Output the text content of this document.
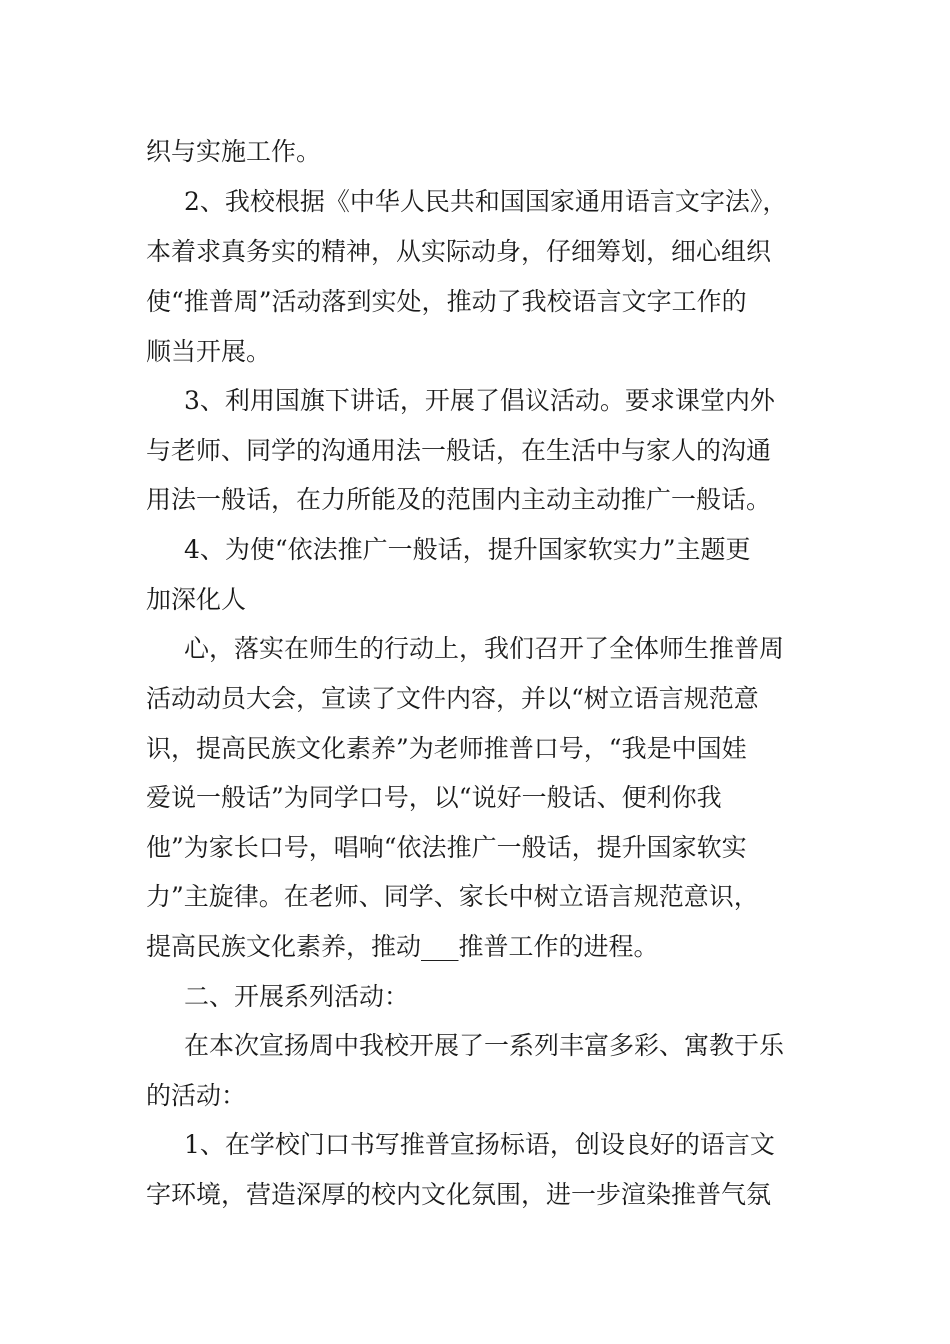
织与实施工作。
2、我校根据《中华人民共和国国家通用语言文字法》，
本着求真务实的精神，从实际动身，仔细筹划，细心组织
使“推普周”活动落到实处，推动了我校语言文字工作的
顺当开展。
3、利用国旗下讲话，开展了倡议活动。要求课堂内外
与老师、同学的沟通用法一般话，在生活中与家人的沟通
用法一般话，在力所能及的范围内主动主动推广一般话。
4、为使“依法推广一般话，提升国家软实力”主题更
加深化人
心，落实在师生的行动上，我们召开了全体师生推普周
活动动员大会，宣读了文件内容，并以“树立语言规范意
识，提高民族文化素养”为老师推普口号，“我是中国娃
爱说一般话”为同学口号，以“说好一般话、便利你我
他”为家长口号，唱响“依法推广一般话，提升国家软实
力”主旋律。在老师、同学、家长中树立语言规范意识，
提高民族文化素养，推动___推普工作的进程。
二、开展系列活动：
在本次宣扬周中我校开展了一系列丰富多彩、寓教于乐
的活动：
1、在学校门口书写推普宣扬标语，创设良好的语言文
字环境，营造深厚的校内文化氛围，进一步渲染推普气氛
